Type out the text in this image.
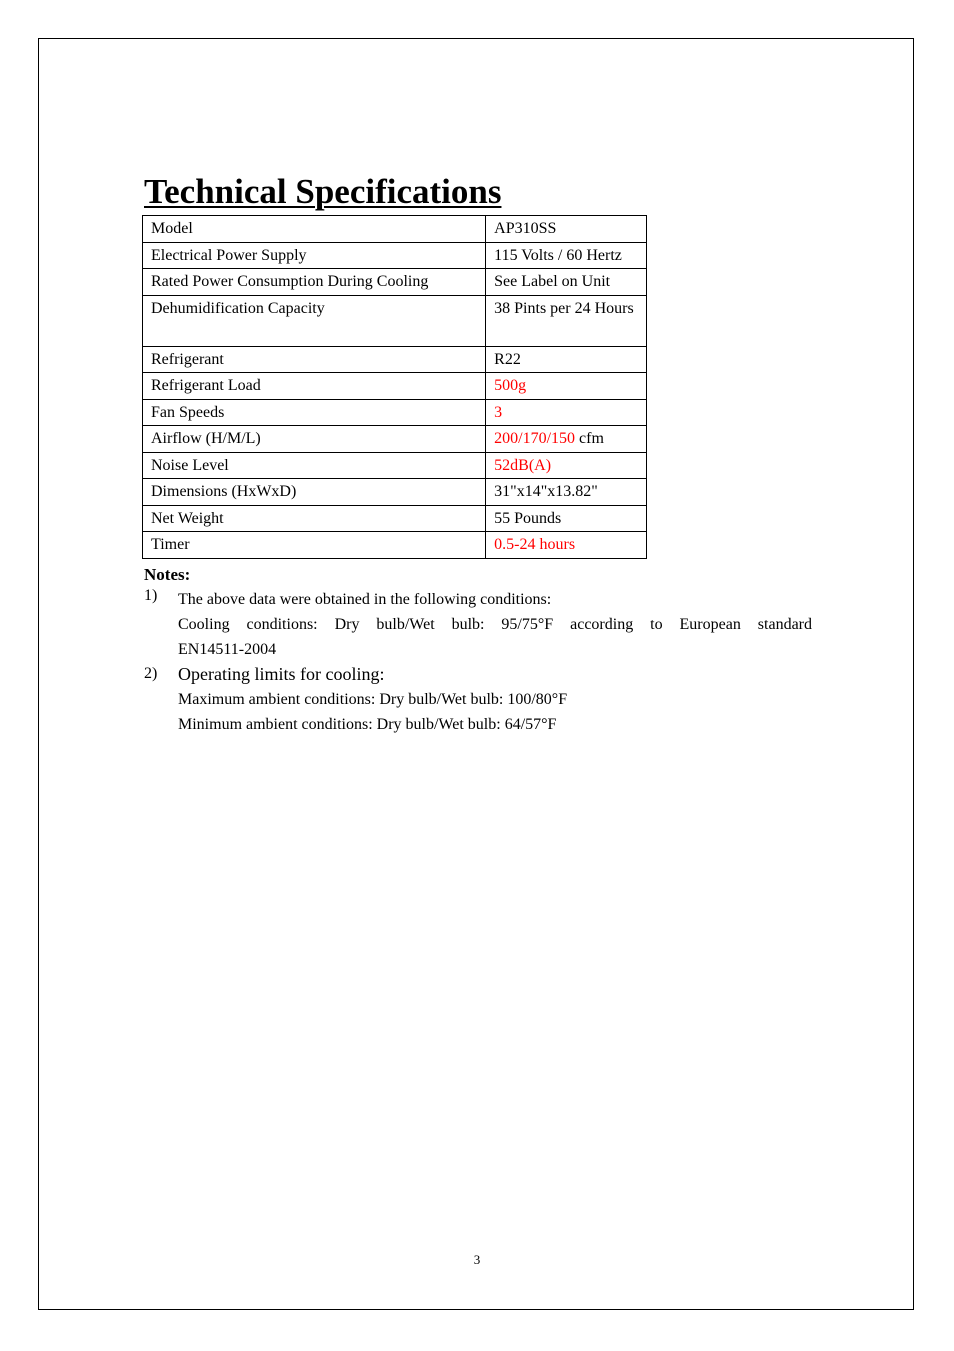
Technical Specifications
Model	AP310SS
Electrical Power Supply	115 Volts / 60 Hertz
Rated Power Consumption During Cooling	See Label on Unit
Dehumidification Capacity	38 Pints per 24 Hours
Refrigerant	R22
Refrigerant Load	500g
Fan Speeds	3
Airflow (H/M/L)	200/170/150 cfm
Noise Level	52dB(A)
Dimensions (HxWxD)	31"x14"x13.82"
Net Weight	55 Pounds
Timer	0.5-24 hours

Notes:

1) The above data were obtained in the following conditions:
Cooling conditions: Dry bulb/Wet bulb: 95/75°F according to European standard
EN14511-2004
2) Operating limits for cooling:
Maximum ambient conditions: Dry bulb/Wet bulb: 100/80°F
Minimum ambient conditions: Dry bulb/Wet bulb: 64/57°F
3
